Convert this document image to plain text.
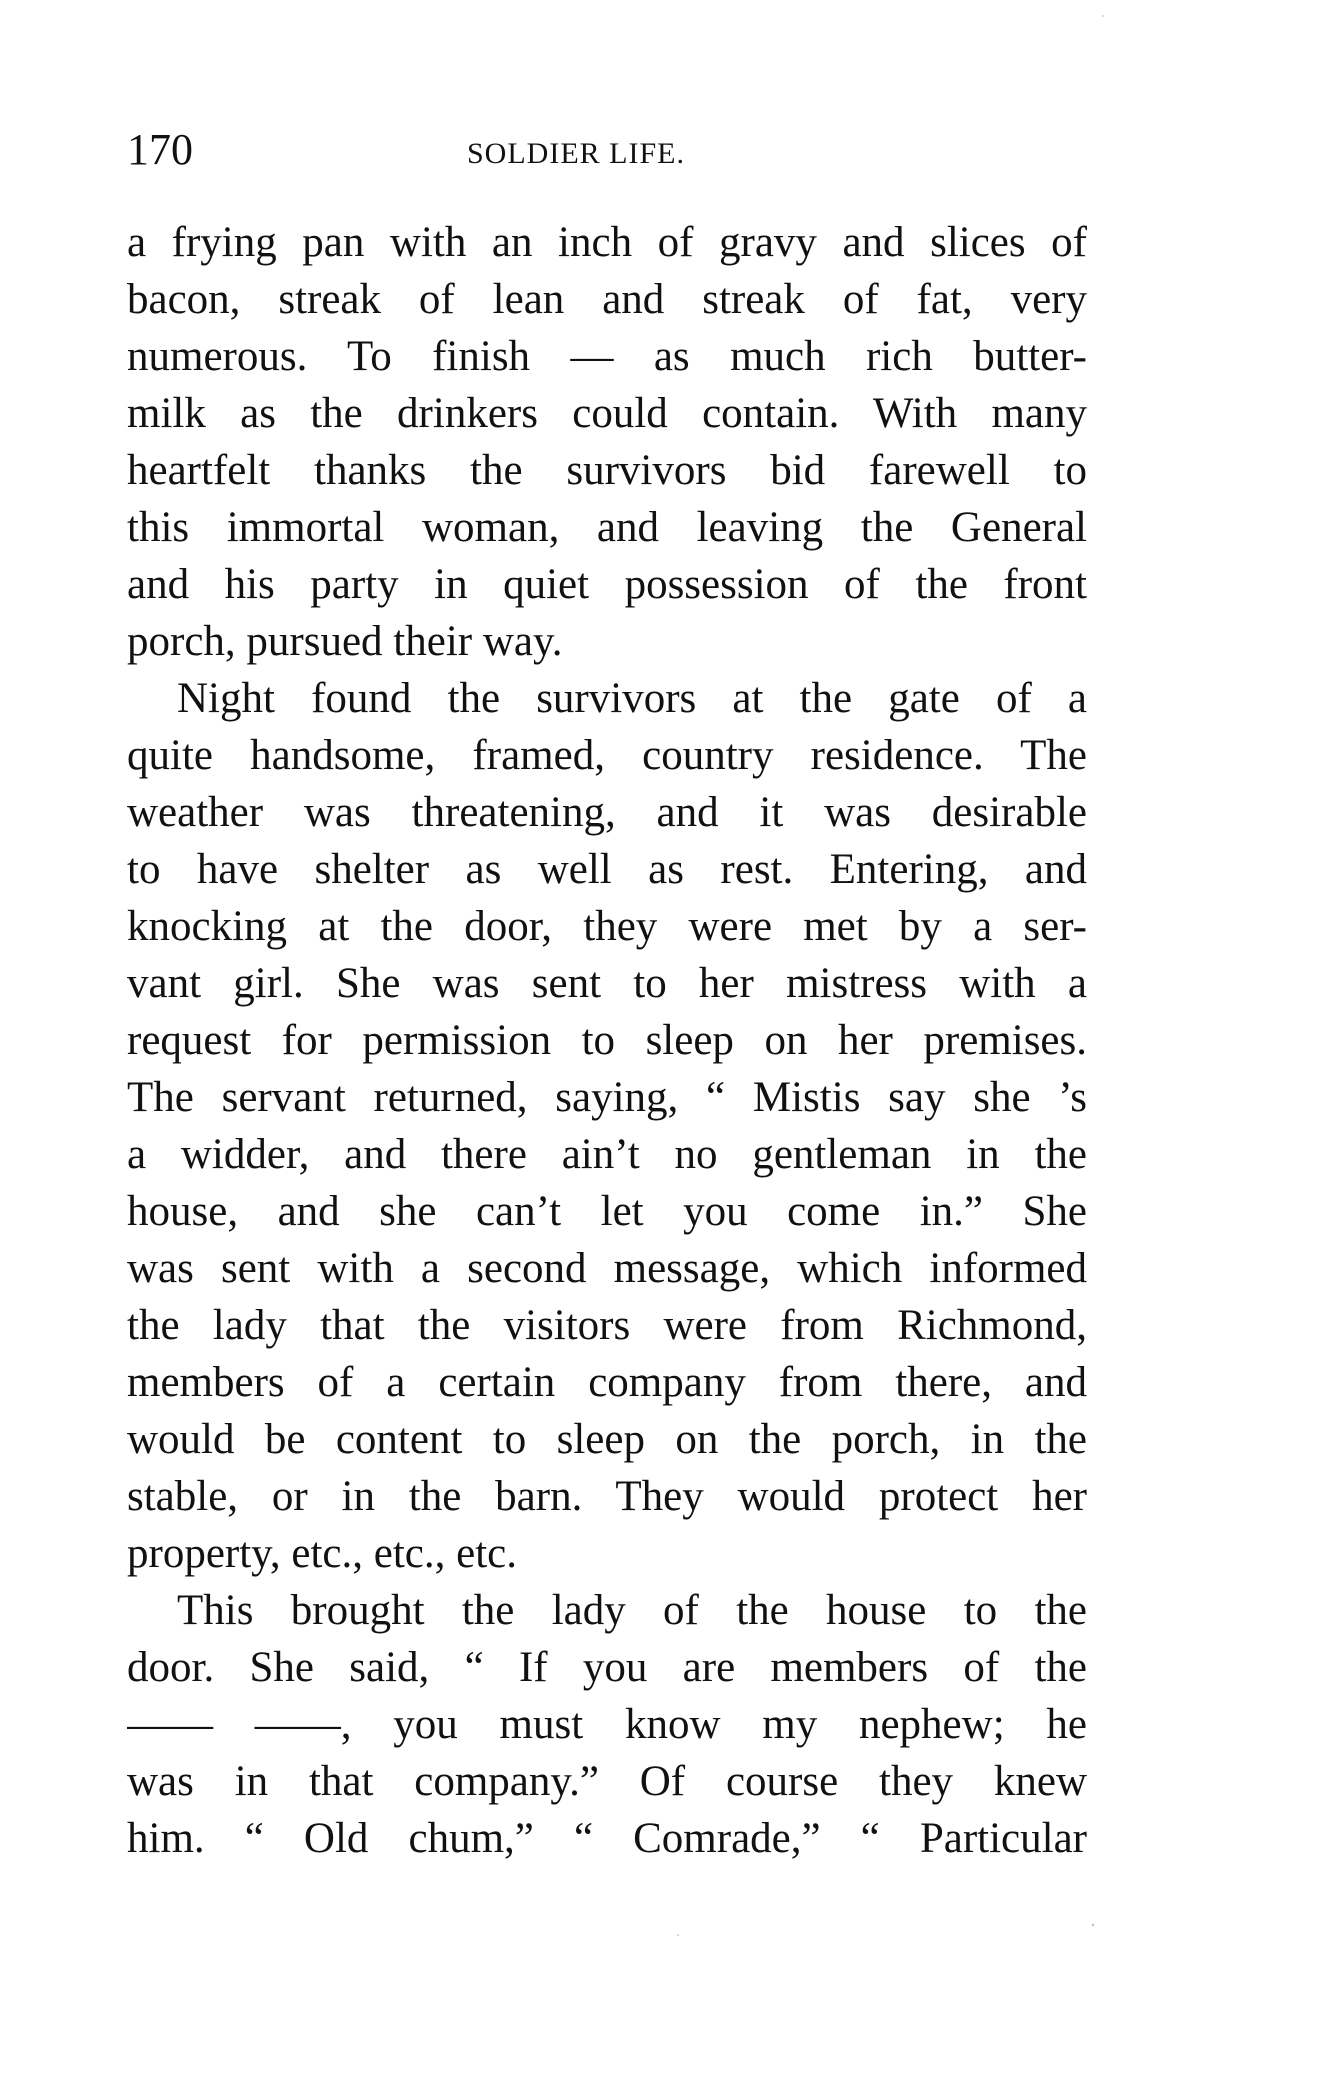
170	SOLDIER LIFE.
a frying pan with an inch of gravy and slices of
bacon, streak of lean and streak of fat, very
numerous. To finish — as much rich butter-
milk as the drinkers could contain. With many
heartfelt thanks the survivors bid farewell to
this immortal woman, and leaving the General
and his party in quiet possession of the front
porch, pursued their way.
Night found the survivors at the gate of a
quite handsome, framed, country residence. The
weather was threatening, and it was desirable
to have shelter as well as rest. Entering, and
knocking at the door, they were met by a ser-
vant girl. She was sent to her mistress with a
request for permission to sleep on her premises.
The servant returned, saying, “ Mistis say she ’s
a widder, and there ain’t no gentleman in the
house, and she can’t let you come in.” She
was sent with a second message, which informed
the lady that the visitors were from Richmond,
members of a certain company from there, and
would be content to sleep on the porch, in the
stable, or in the barn. They would protect her
property, etc., etc., etc.
This brought the lady of the house to the
door. She said, “ If you are members of the
—— ——, you must know my nephew; he
was in that company.” Of course they knew
him. “ Old chum,” “ Comrade,” “ Particular
